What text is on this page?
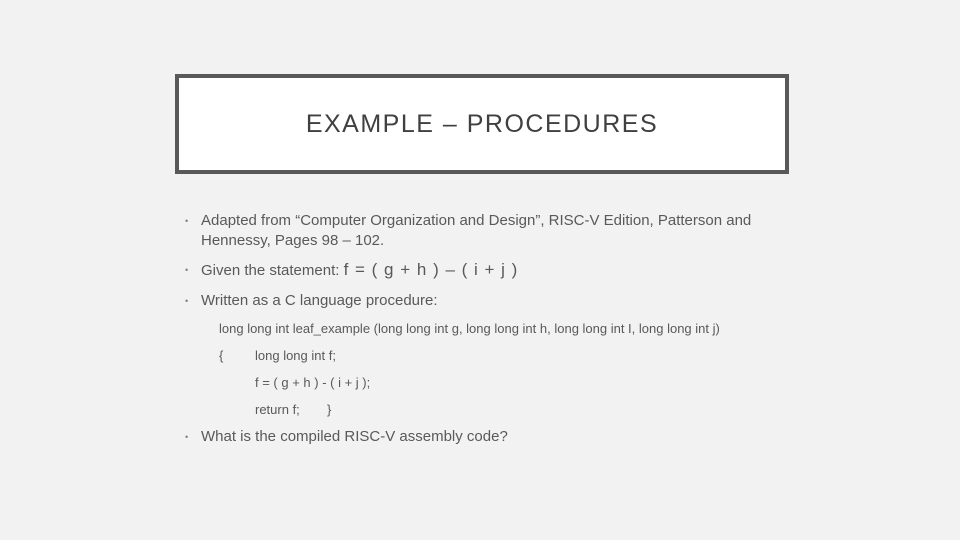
EXAMPLE – PROCEDURES
• Adapted from “Computer Organization and Design”, RISC-V Edition, Patterson and Hennessy, Pages 98 – 102.
• Given the statement: f = ( g + h ) – ( i + j )
• Written as a C language procedure:
long long int leaf_example (long long int g, long long int h, long long int I, long long int j)
{ long long int f;
f = ( g + h ) - ( i + j );
return f; }
• What is the compiled RISC-V assembly code?
